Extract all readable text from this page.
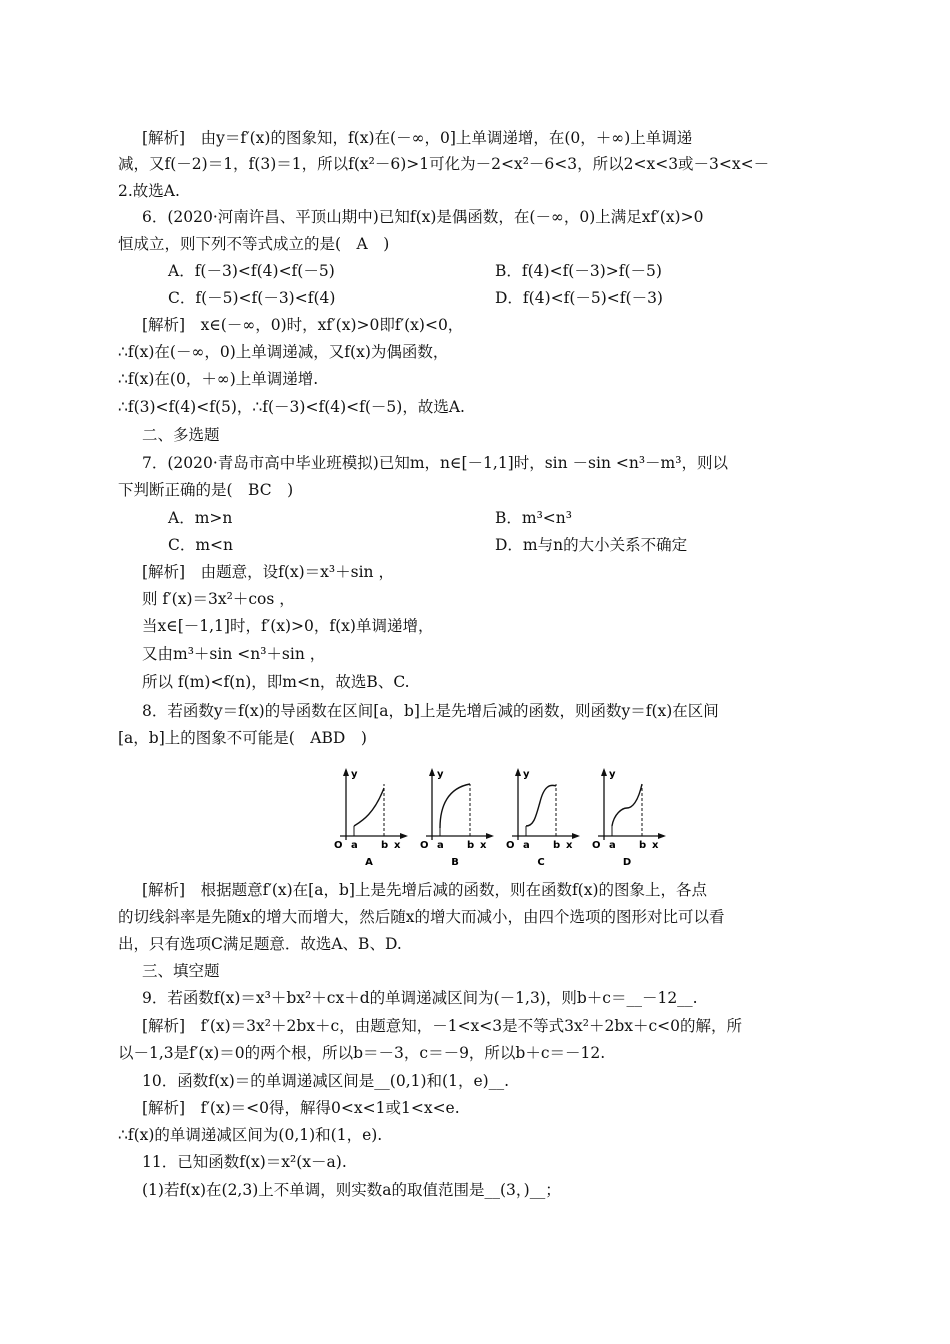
[解析]　由y＝f′(x)的图象知，f(x)在(－∞，0]上单调递增，在(0，＋∞)上单调递
减，又f(－2)＝1，f(3)＝1，所以f(x²－6)>1可化为－2<x²－6<3，所以2<x<3或－3<x<－
2.故选A.
6．(2020·河南许昌、平顶山期中)已知f(x)是偶函数，在(－∞，0)上满足xf′(x)>0
恒成立，则下列不等式成立的是(　A　)
A．f(－3)<f(4)<f(－5)	B．f(4)<f(－3)>f(－5)
C．f(－5)<f(－3)<f(4)	D．f(4)<f(－5)<f(－3)
[解析]　x∈(－∞，0)时，xf′(x)>0即f′(x)<0，
∴f(x)在(－∞，0)上单调递减，又f(x)为偶函数，
∴f(x)在(0，＋∞)上单调递增.
∴f(3)<f(4)<f(5)，∴f(－3)<f(4)<f(－5)，故选A.
二、多选题
7．(2020·青岛市高中毕业班模拟)已知m，n∈[－1,1]时，sin －sin <n³－m³，则以
下判断正确的是(　BC　)
A．m>n	B．m³<n³
C．m<n	D．m与n的大小关系不确定
[解析]　由题意，设f(x)＝x³＋sin ，
则 f′(x)＝3x²＋cos ，
当x∈[－1,1]时，f′(x)>0，f(x)单调递增，
又由m³＋sin <n³＋sin ，
所以 f(m)<f(n)，即m<n，故选B、C.
8．若函数y＝f(x)的导函数在区间[a，b]上是先增后减的函数，则函数y＝f(x)在区间
[a，b]上的图象不可能是(　ABD　)
[解析]　根据题意f′(x)在[a，b]上是先增后减的函数，则在函数f(x)的图象上，各点
的切线斜率是先随x的增大而增大，然后随x的增大而减小，由四个选项的图形对比可以看
出，只有选项C满足题意．故选A、B、D.
三、填空题
9．若函数f(x)＝x³＋bx²＋cx＋d的单调递减区间为(－1,3)，则b＋c＝__－12__.
[解析]　f′(x)＝3x²＋2bx＋c，由题意知，－1<x<3是不等式3x²＋2bx＋c<0的解，所
以－1,3是f′(x)＝0的两个根，所以b＝－3，c＝－9，所以b＋c＝－12.
10．函数f(x)＝的单调递减区间是__(0,1)和(1，e)__.
[解析]　f′(x)＝<0得，解得0<x<1或1<x<e.
∴f(x)的单调递减区间为(0,1)和(1，e).
11．已知函数f(x)＝x²(x－a).
(1)若f(x)在(2,3)上不单调，则实数a的取值范围是__(3，)__；
y
O a b x
A
y
O a b x
B
y
O a b x
C
y
O a b x
D
